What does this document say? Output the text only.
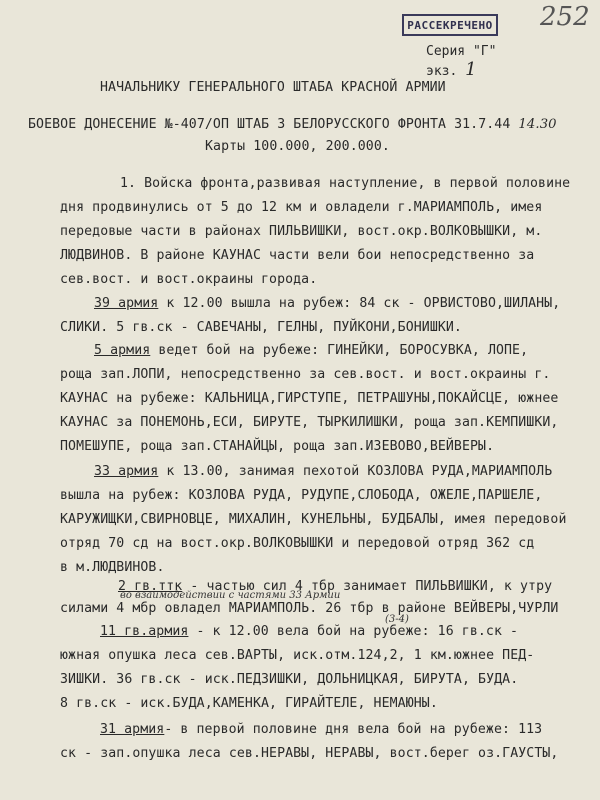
РАССЕКРЕЧЕНО 252
Серия "Г"
экз. 1
НАЧАЛЬНИКУ ГЕНЕРАЛЬНОГО ШТАБА КРАСНОЙ АРМИИ
БОЕВОЕ ДОНЕСЕНИЕ №-407/ОП ШТАБ 3 БЕЛОРУССКОГО ФРОНТА 31.7.44 14.30
Карты 100.000, 200.000.
1. Войска фронта,развивая наступление, в первой половине
дня продвинулись от 5 до 12 км и овладели г.МАРИАМПОЛЬ, имея
передовые части в районах ПИЛЬВИШКИ, вост.окр.ВОЛКОВЫШКИ, м.
ЛЮДВИНОВ. В районе КАУНАС части вели бои непосредственно за
сев.вост. и вост.окраины города.
39 армия к 12.00 вышла на рубеж: 84 ск - ОРВИСТОВО,ШИЛАНЫ,
СЛИКИ. 5 гв.ск - САВЕЧАНЫ, ГЕЛНЫ, ПУЙКОНИ,БОНИШКИ.
5 армия ведет бой на рубеже: ГИНЕЙКИ, БОРОСУВКА, ЛОПЕ,
роща зап.ЛОПИ, непосредственно за сев.вост. и вост.окраины г.
КАУНАС на рубеже: КАЛЬНИЦА,ГИРСТУПЕ, ПЕТРАШУНЫ,ПОКАЙСЦЕ, южнее
КАУНАС за ПОНЕМОНЬ,ЕСИ, БИРУТЕ, ТЫРКИЛИШКИ, роща зап.КЕМПИШКИ,
ПОМЕШУПЕ, роща зап.СТАНАЙЦЫ, роща зап.ИЗЕВОВО,ВЕЙВЕРЫ.
33 армия к 13.00, занимая пехотой КОЗЛОВА РУДА,МАРИАМПОЛЬ
вышла на рубеж: КОЗЛОВА РУДА, РУДУПЕ,СЛОБОДА, ОЖЕЛЕ,ПАРШЕЛЕ,
КАРУЖИЩКИ,СВИРНОВЦЕ, МИХАЛИН, КУНЕЛЬНЫ, БУДБАЛЫ, имея передовой
отряд 70 сд на вост.окр.ВОЛКОВЫШКИ и передовой отряд 362 сд
в м.ЛЮДВИНОВ.
2 гв.ттк - частью сил 4 тбр занимает ПИЛЬВИШКИ, к утру
во взаимодействии с частями 33 Армии
силами 4 мбр овладел МАРИАМПОЛЬ. 26 тбр в районе ВЕЙВЕРЫ,ЧУРЛИ
(3-4)
11 гв.армия - к 12.00 вела бой на рубеже: 16 гв.ск -
южная опушка леса сев.ВАРТЫ, иск.отм.124,2, 1 км.южнее ПЕД-
ЗИШКИ. 36 гв.ск - иск.ПЕДЗИШКИ, ДОЛЬНИЦКАЯ, БИРУТА, БУДА.
8 гв.ск - иск.БУДА,КАМЕНКА, ГИРАЙТЕЛЕ, НЕМАЮНЫ.
31 армия- в первой половине дня вела бой на рубеже: 113
ск - зап.опушка леса сев.НЕРАВЫ, НЕРАВЫ, вост.берег оз.ГАУСТЫ,
